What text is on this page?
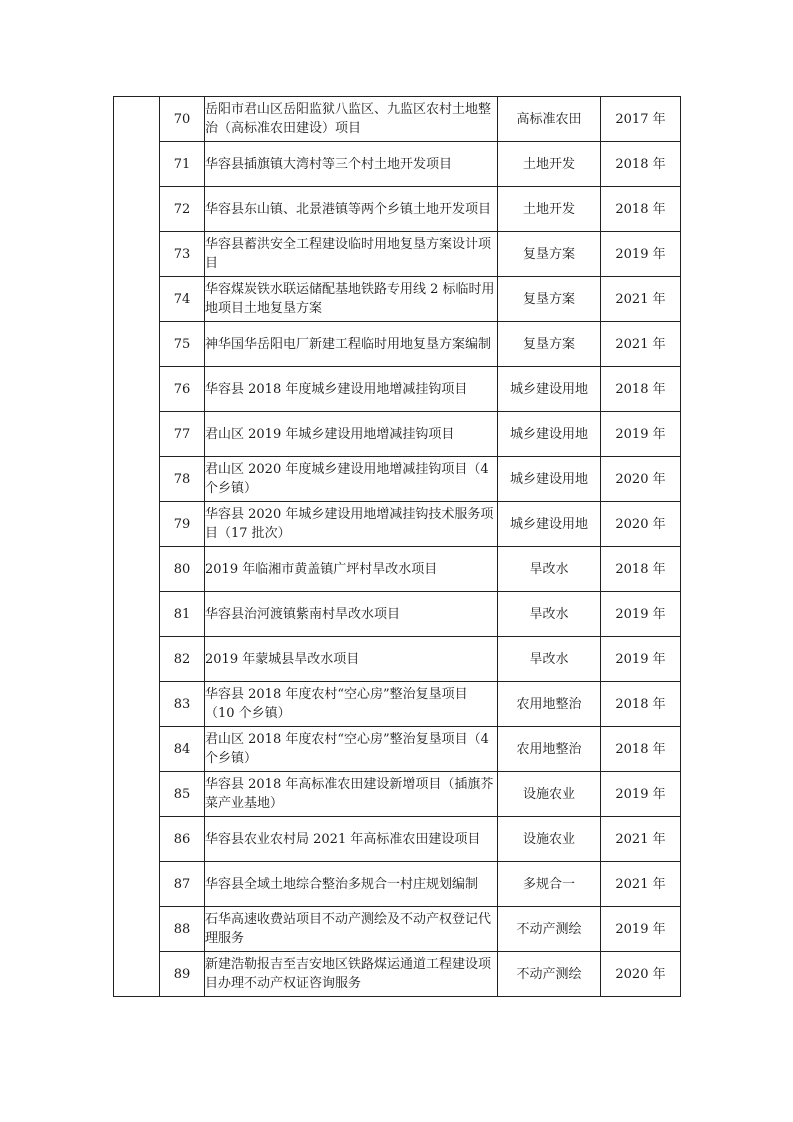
	70	岳阳市君山区岳阳监狱八监区、九监区农村土地整治（高标准农田建设）项目	高标准农田	2017 年
	71	华容县插旗镇大湾村等三个村土地开发项目	土地开发	2018 年
	72	华容县东山镇、北景港镇等两个乡镇土地开发项目	土地开发	2018 年
	73	华容县蓄洪安全工程建设临时用地复垦方案设计项目	复垦方案	2019 年
	74	华容煤炭铁水联运储配基地铁路专用线 2 标临时用地项目土地复垦方案	复垦方案	2021 年
	75	神华国华岳阳电厂新建工程临时用地复垦方案编制	复垦方案	2021 年
	76	华容县 2018 年度城乡建设用地增减挂钩项目	城乡建设用地	2018 年
	77	君山区 2019 年城乡建设用地增减挂钩项目	城乡建设用地	2019 年
	78	君山区 2020 年度城乡建设用地增减挂钩项目（4 个乡镇）	城乡建设用地	2020 年
	79	华容县 2020 年城乡建设用地增减挂钩技术服务项目（17 批次）	城乡建设用地	2020 年
	80	2019 年临湘市黄盖镇广坪村旱改水项目	旱改水	2018 年
	81	华容县治河渡镇紫南村旱改水项目	旱改水	2019 年
	82	2019 年蒙城县旱改水项目	旱改水	2019 年
	83	华容县 2018 年度农村“空心房”整治复垦项目（10 个乡镇）	农用地整治	2018 年
	84	君山区 2018 年度农村“空心房”整治复垦项目（4 个乡镇）	农用地整治	2018 年
	85	华容县 2018 年高标准农田建设新增项目（插旗芥菜产业基地）	设施农业	2019 年
	86	华容县农业农村局 2021 年高标准农田建设项目	设施农业	2021 年
	87	华容县全域土地综合整治多规合一村庄规划编制	多规合一	2021 年
	88	石华高速收费站项目不动产测绘及不动产权登记代理服务	不动产测绘	2019 年
	89	新建浩勒报吉至吉安地区铁路煤运通道工程建设项目办理不动产权证咨询服务	不动产测绘	2020 年
